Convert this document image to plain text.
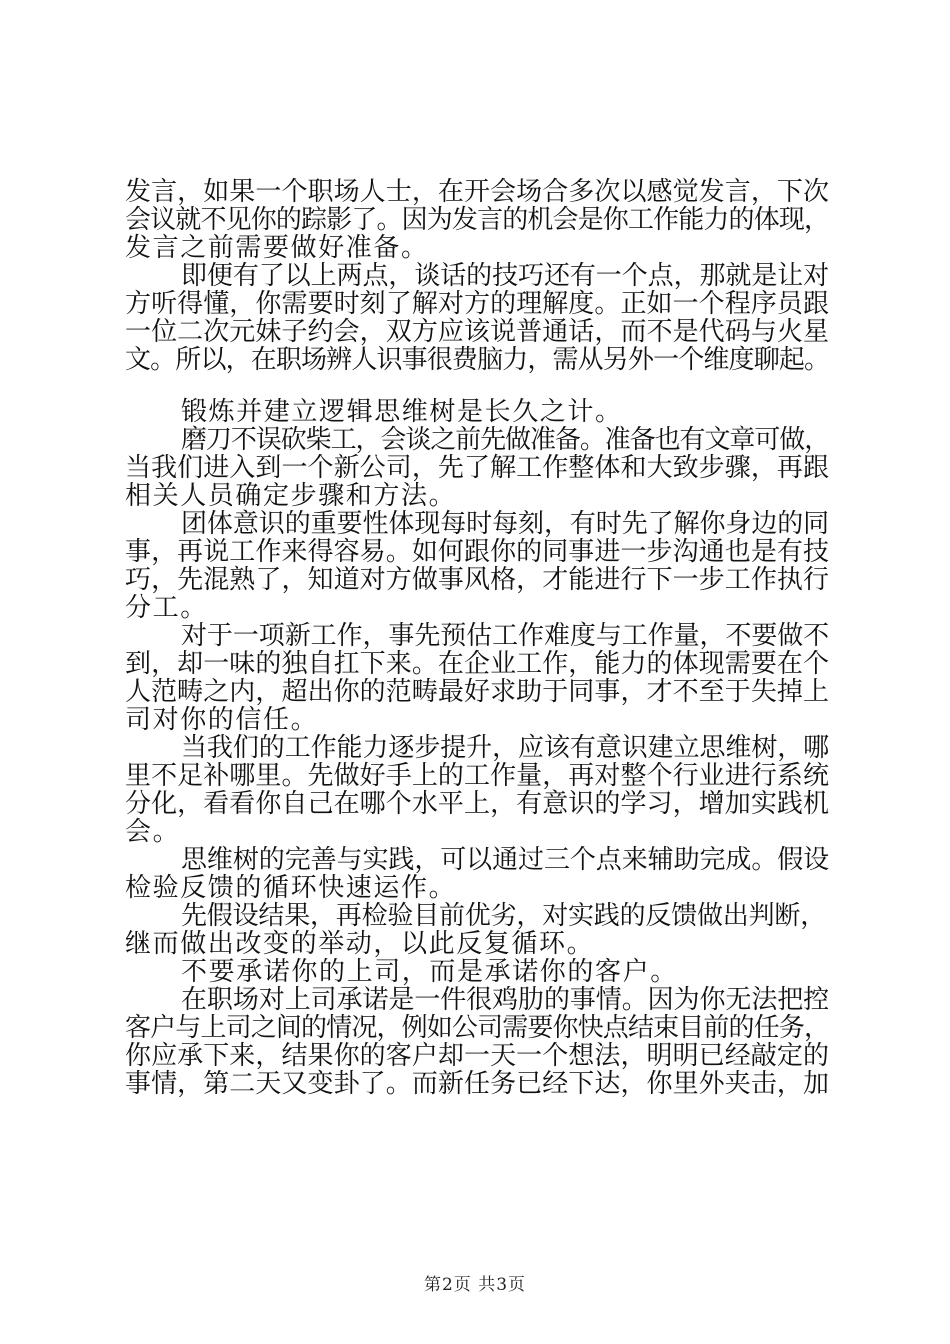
发言，如果一个职场人士，在开会场合多次以感觉发言，下次
会议就不见你的踪影了。因为发言的机会是你工作能力的体现，
发言之前需要做好准备。
即便有了以上两点，谈话的技巧还有一个点，那就是让对
方听得懂，你需要时刻了解对方的理解度。正如一个程序员跟
一位二次元妹子约会，双方应该说普通话，而不是代码与火星
文。所以，在职场辨人识事很费脑力，需从另外一个维度聊起。
锻炼并建立逻辑思维树是长久之计。
磨刀不误砍柴工，会谈之前先做准备。准备也有文章可做，
当我们进入到一个新公司，先了解工作整体和大致步骤，再跟
相关人员确定步骤和方法。
团体意识的重要性体现每时每刻，有时先了解你身边的同
事，再说工作来得容易。如何跟你的同事进一步沟通也是有技
巧，先混熟了，知道对方做事风格，才能进行下一步工作执行
分工。
对于一项新工作，事先预估工作难度与工作量，不要做不
到，却一味的独自扛下来。在企业工作，能力的体现需要在个
人范畴之内，超出你的范畴最好求助于同事，才不至于失掉上
司对你的信任。
当我们的工作能力逐步提升，应该有意识建立思维树，哪
里不足补哪里。先做好手上的工作量，再对整个行业进行系统
分化，看看你自己在哪个水平上，有意识的学习，增加实践机
会。
思维树的完善与实践，可以通过三个点来辅助完成。假设
检验反馈的循环快速运作。
先假设结果，再检验目前优劣，对实践的反馈做出判断，
继而做出改变的举动，以此反复循环。
不要承诺你的上司，而是承诺你的客户。
在职场对上司承诺是一件很鸡肋的事情。因为你无法把控
客户与上司之间的情况，例如公司需要你快点结束目前的任务，
你应承下来，结果你的客户却一天一个想法，明明已经敲定的
事情，第二天又变卦了。而新任务已经下达，你里外夹击，加
第2页 共3页
